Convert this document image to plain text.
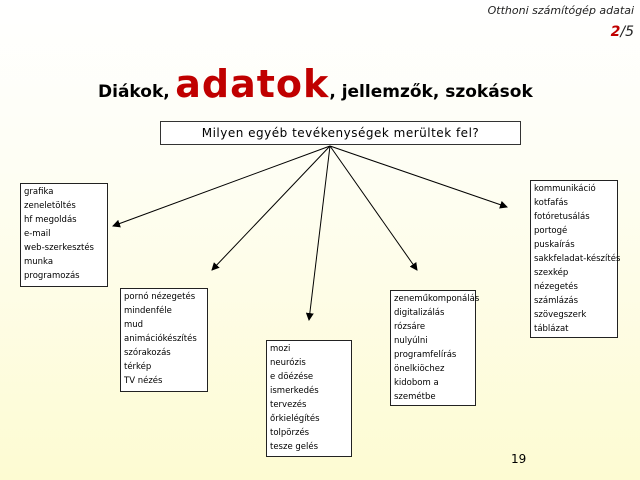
Otthoni számítógép adatai
2/5
Diákok, adatok, jellemzők, szokások
Milyen egyéb tevékenységek merültek fel?
grafika
zeneletöltés
hf megoldás
e-mail
web-szerkesztés
munka
programozás
pornó nézegetés
mindenféle
mud
animációkészítés
szórakozás
térkép
TV nézés
mozi
neurózis
e döézése
ismerkedés
tervezés
őrkielégítés
tolpörzés
tesze gelés
zeneműkomponálás
digitalizálás
rózsáre
nulyúlni
programfelírás
önelkiöchez
kidobom a
szemétbe
kommunikáció
kotfafás
fotóretusálás
portogé
puskaírás
sakkfeladat-készítés
szexkép
nézegetés
számlázás
szövegszerk
táblázat
19
